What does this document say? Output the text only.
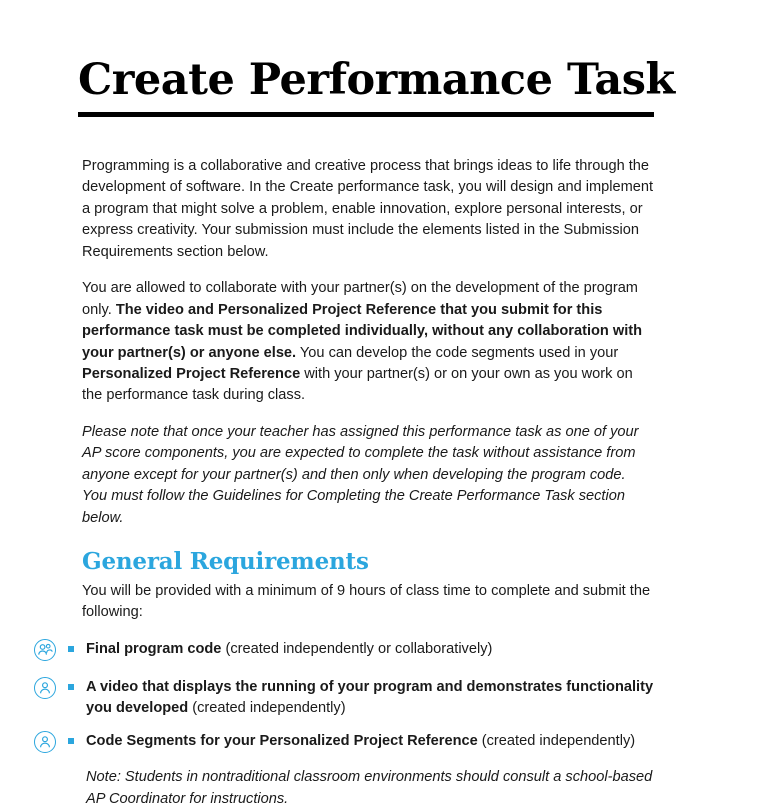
Create Performance Task

Programming is a collaborative and creative process that brings ideas to life through the development of software. In the Create performance task, you will design and implement a program that might solve a problem, enable innovation, explore personal interests, or express creativity. Your submission must include the elements listed in the Submission Requirements section below.

You are allowed to collaborate with your partner(s) on the development of the program only. The video and Personalized Project Reference that you submit for this performance task must be completed individually, without any collaboration with your partner(s) or anyone else. You can develop the code segments used in your Personalized Project Reference with your partner(s) or on your own as you work on the performance task during class.

Please note that once your teacher has assigned this performance task as one of your AP score components, you are expected to complete the task without assistance from anyone except for your partner(s) and then only when developing the program code. You must follow the Guidelines for Completing the Create Performance Task section below.

General Requirements

You will be provided with a minimum of 9 hours of class time to complete and submit the following:

Final program code (created independently or collaboratively)
A video that displays the running of your program and demonstrates functionality you developed (created independently)
Code Segments for your Personalized Project Reference (created independently)

Note: Students in nontraditional classroom environments should consult a school-based AP Coordinator for instructions.
